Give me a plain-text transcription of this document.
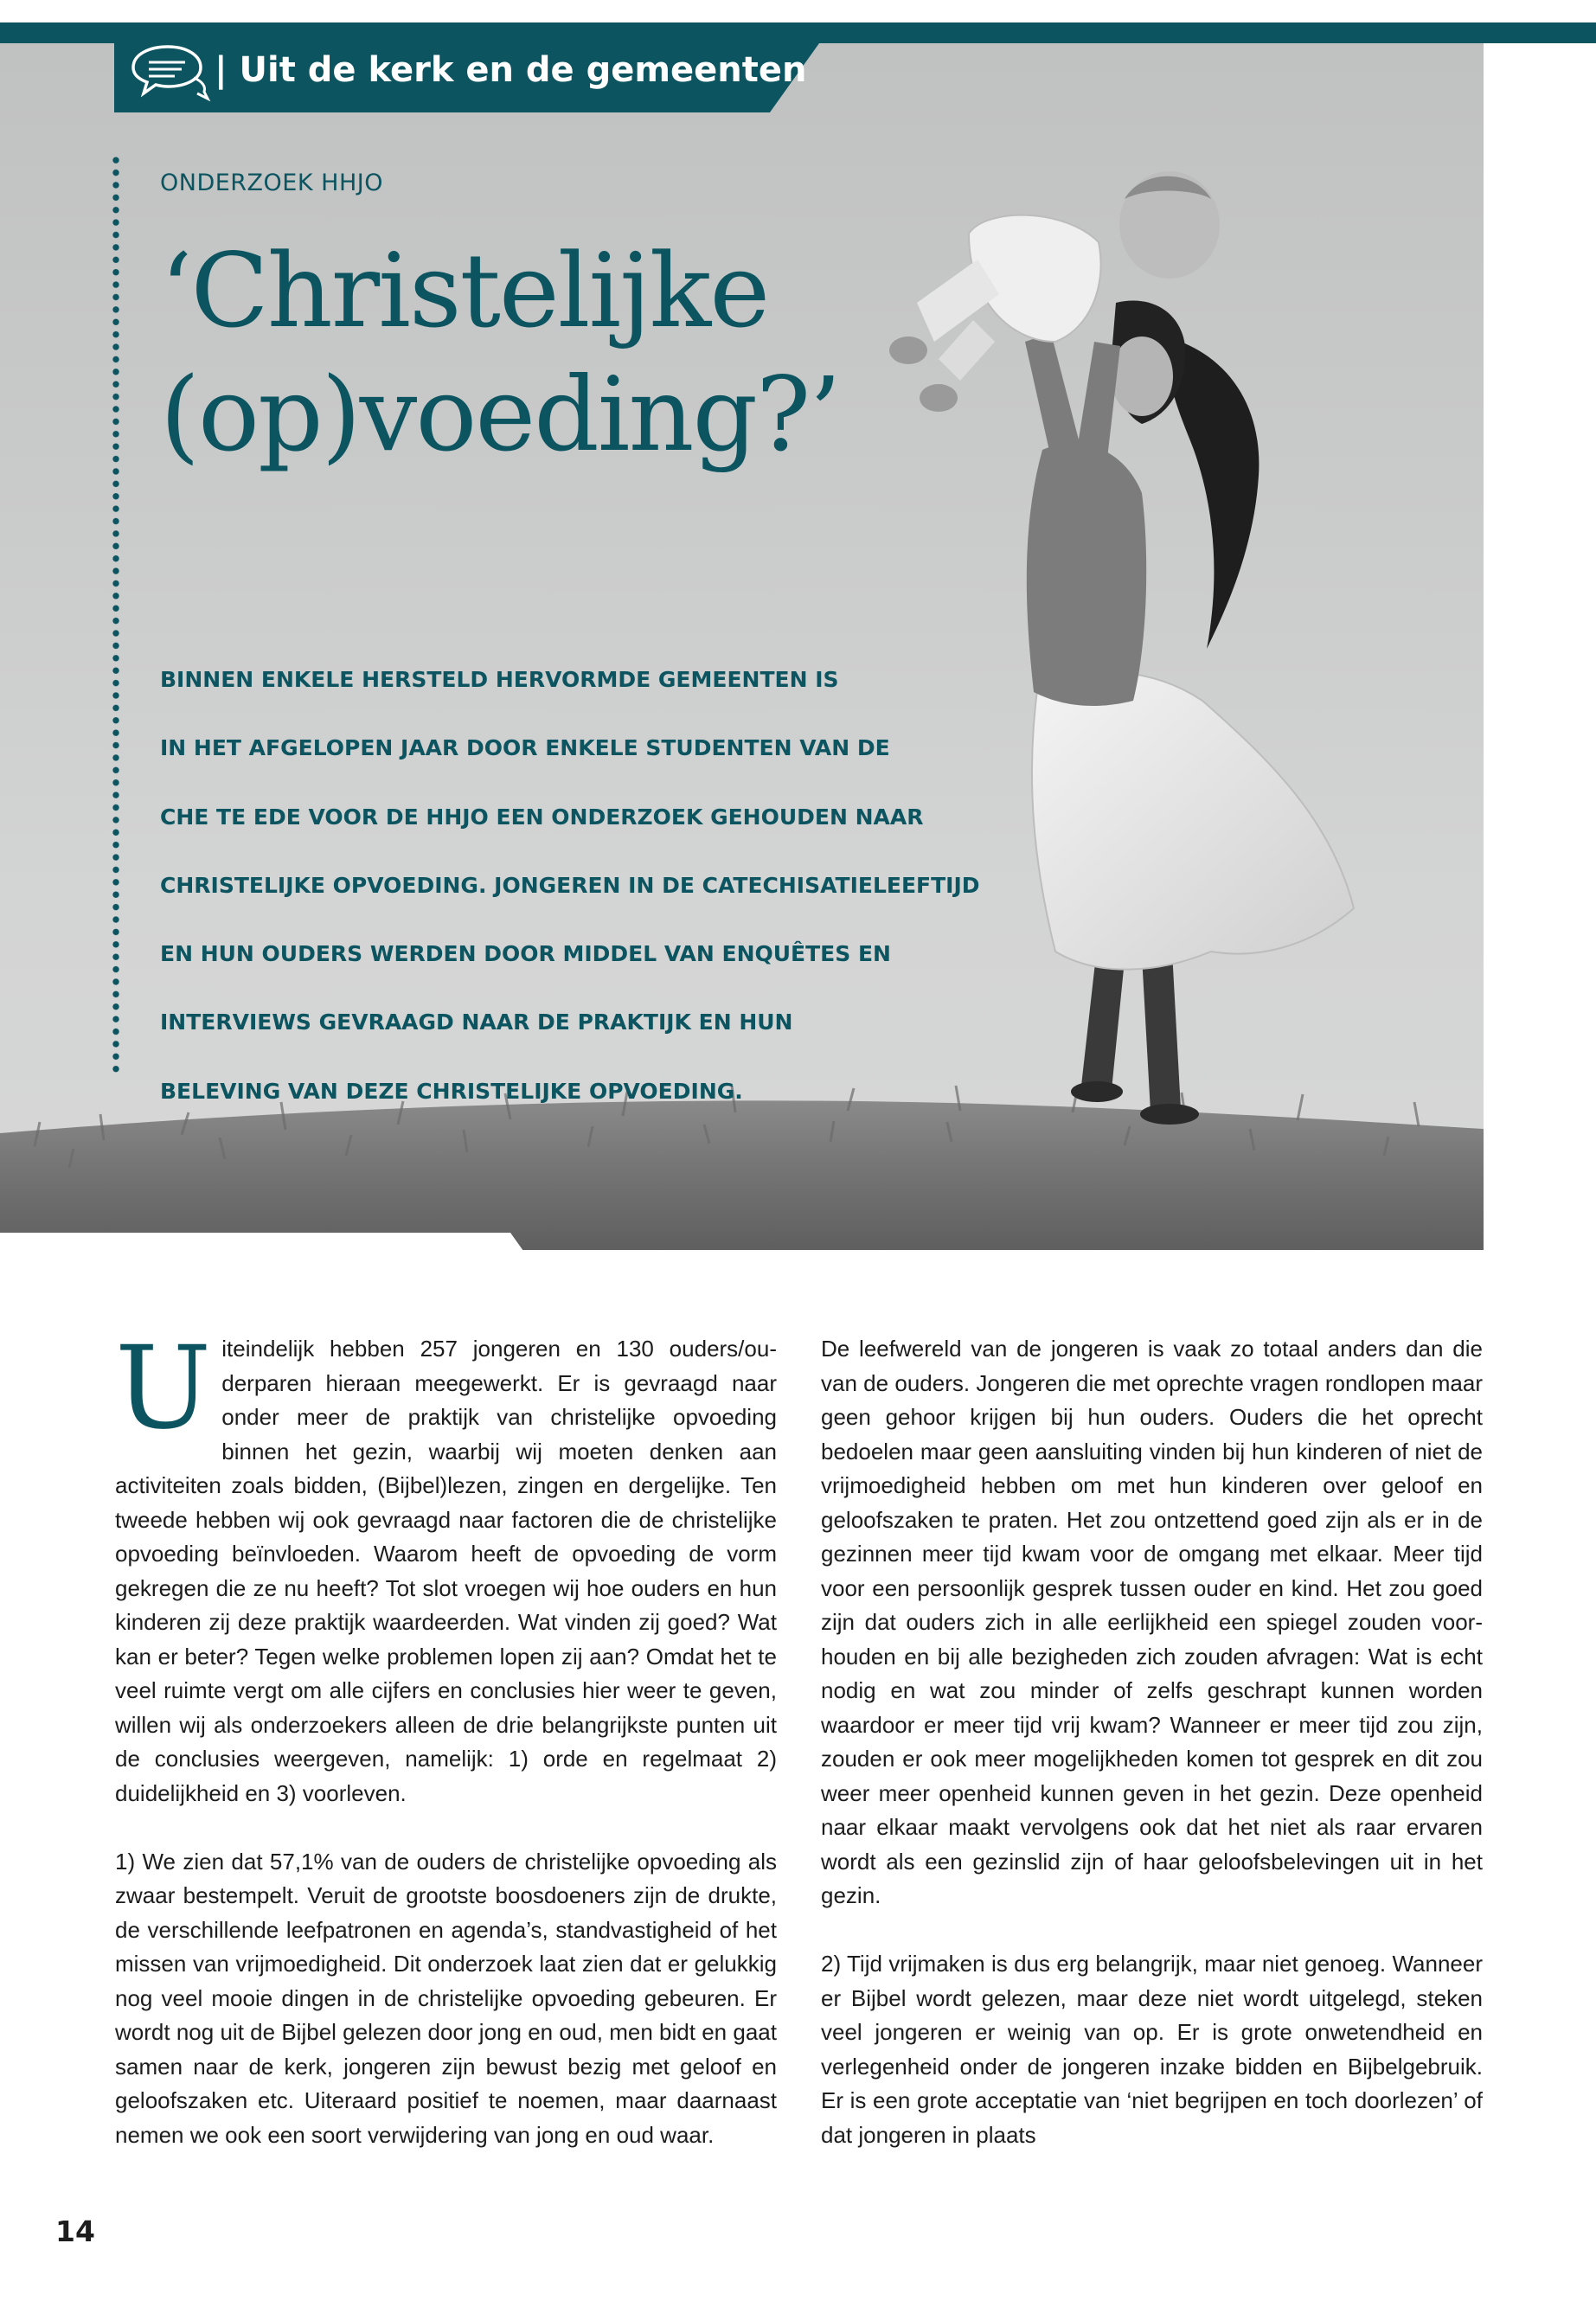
| Uit de kerk en de gemeenten
ONDERZOEK HHJO
‘Christelijke
(op)voeding?’
BINNEN ENKELE HERSTELD HERVORMDE GEMEENTEN IS
IN HET AFGELOPEN JAAR DOOR ENKELE STUDENTEN VAN DE
CHE TE EDE VOOR DE HHJO EEN ONDERZOEK GEHOUDEN NAAR
CHRISTELIJKE OPVOEDING. JONGEREN IN DE CATECHISATIELEEFTIJD
EN HUN OUDERS WERDEN DOOR MIDDEL VAN ENQUÊTES EN
INTERVIEWS GEVRAAGD NAAR DE PRAKTIJK EN HUN
BELEVING VAN DEZE CHRISTELIJKE OPVOEDING.

Uiteindelijk hebben 257 jongeren en 130 ouders/ouderparen hieraan meegewerkt. Er is gevraagd naar onder meer de praktijk van christelijke opvoeding binnen het gezin, waarbij wij moeten denken aan activiteiten zoals bidden, (Bijbel)lezen, zingen en dergelijke. Ten tweede hebben wij ook gevraagd naar factoren die de christelijke opvoeding beïnvloeden. Waarom heeft de opvoeding de vorm gekregen die ze nu heeft? Tot slot vroegen wij hoe ouders en hun kinderen zij deze praktijk waardeerden. Wat vinden zij goed? Wat kan er beter? Tegen welke problemen lopen zij aan? Omdat het te veel ruimte vergt om alle cijfers en conclusies hier weer te geven, willen wij als onderzoekers alleen de drie belangrijkste punten uit de conclusies weergeven, namelijk: 1) orde en regelmaat 2) duidelijkheid en 3) voorleven.

1) We zien dat 57,1% van de ouders de christelijke opvoeding als zwaar bestempelt. Veruit de grootste boosdoeners zijn de drukte, de verschillende leefpatronen en agenda’s, standvastigheid of het missen van vrijmoedigheid. Dit onderzoek laat zien dat er gelukkig nog veel mooie dingen in de christelijke opvoeding gebeuren. Er wordt nog uit de Bijbel gelezen door jong en oud, men bidt en gaat samen naar de kerk, jongeren zijn bewust bezig met geloof en geloofszaken etc. Uiteraard positief te noemen, maar daarnaast nemen we ook een soort verwijdering van jong en oud waar.

De leefwereld van de jongeren is vaak zo totaal anders dan die van de ouders. Jongeren die met oprechte vragen rondlopen maar geen gehoor krijgen bij hun ouders. Ouders die het oprecht bedoelen maar geen aansluiting vinden bij hun kinderen of niet de vrijmoedigheid hebben om met hun kinderen over geloof en geloofszaken te praten. Het zou ontzettend goed zijn als er in de gezinnen meer tijd kwam voor de omgang met elkaar. Meer tijd voor een persoonlijk gesprek tussen ouder en kind. Het zou goed zijn dat ouders zich in alle eerlijkheid een spiegel zouden voorhouden en bij alle bezigheden zich zouden afvragen: Wat is echt nodig en wat zou minder of zelfs geschrapt kunnen worden waardoor er meer tijd vrij kwam? Wanneer er meer tijd zou zijn, zouden er ook meer mogelijkheden komen tot gesprek en dit zou weer meer openheid kunnen geven in het gezin. Deze openheid naar elkaar maakt vervolgens ook dat het niet als raar ervaren wordt als een gezinslid zijn of haar geloofsbelevingen uit in het gezin.

2) Tijd vrijmaken is dus erg belangrijk, maar niet genoeg. Wanneer er Bijbel wordt gelezen, maar deze niet wordt uitgelegd, steken veel jongeren er weinig van op. Er is grote onwetendheid en verlegenheid onder de jongeren inzake bidden en Bijbelgebruik. Er is een grote acceptatie van ‘niet begrijpen en toch doorlezen’ of dat jongeren in plaats

14
